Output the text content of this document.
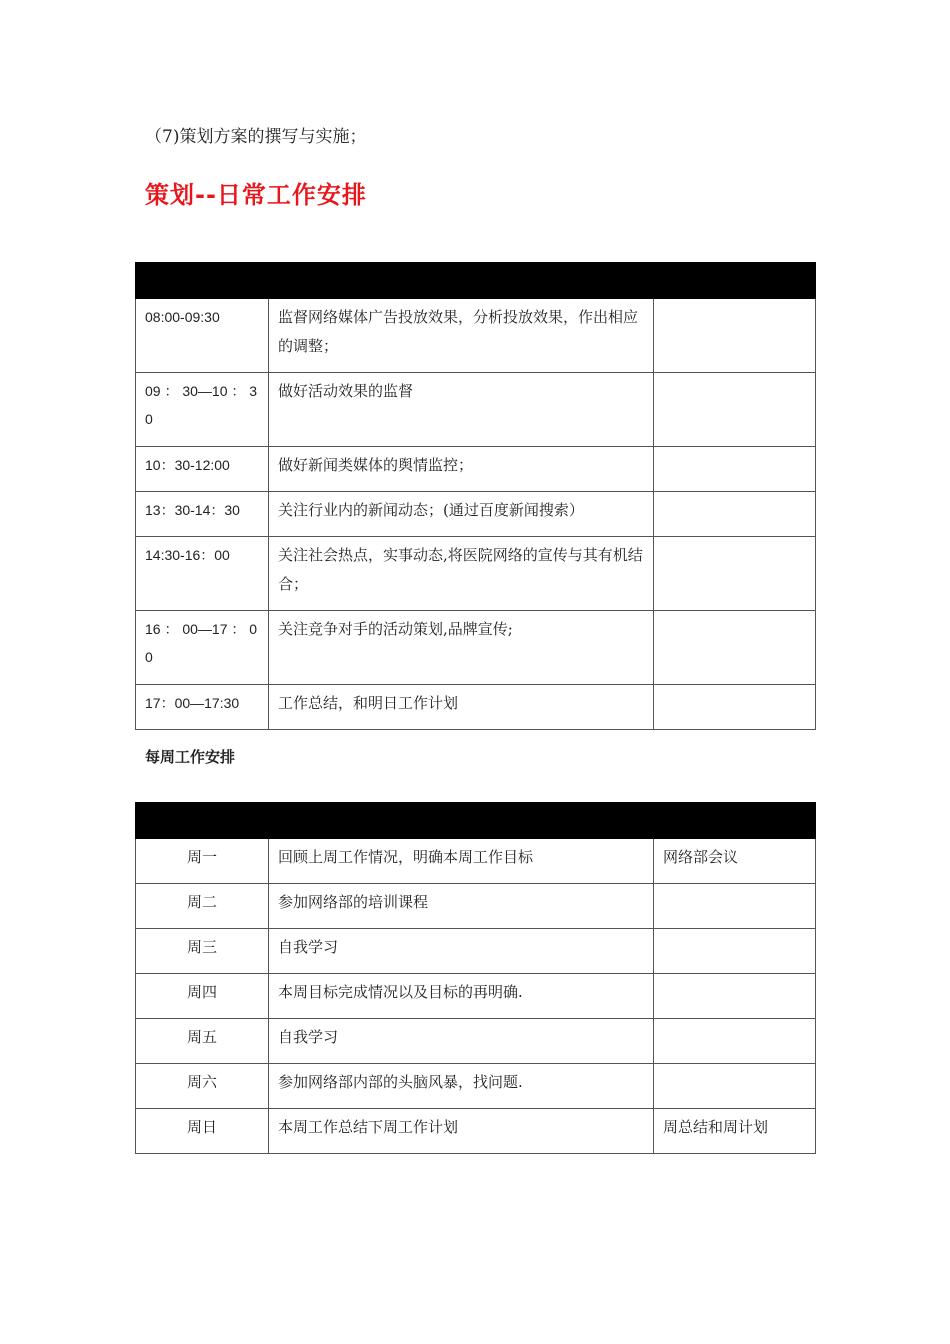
（7)策划方案的撰写与实施；
策划--日常工作安排

08:00-09:30	监督网络媒体广告投放效果，分析投放效果，作出相应的调整；	
09 ： 30—10 ： 30	做好活动效果的监督	
10：30-12:00	做好新闻类媒体的舆情监控；	
13：30-14：30	关注行业内的新闻动态；(通过百度新闻搜索）	
14:30-16：00	关注社会热点，实事动态,将医院网络的宣传与其有机结合；	
16 ： 00—17 ： 00	关注竞争对手的活动策划,品牌宣传;	
17：00—17:30	工作总结，和明日工作计划	
每周工作安排

周一	回顾上周工作情况，明确本周工作目标	网络部会议
周二	参加网络部的培训课程	
周三	自我学习	
周四	本周目标完成情况以及目标的再明确.	
周五	自我学习	
周六	参加网络部内部的头脑风暴，找问题.	
周日	本周工作总结下周工作计划	周总结和周计划
